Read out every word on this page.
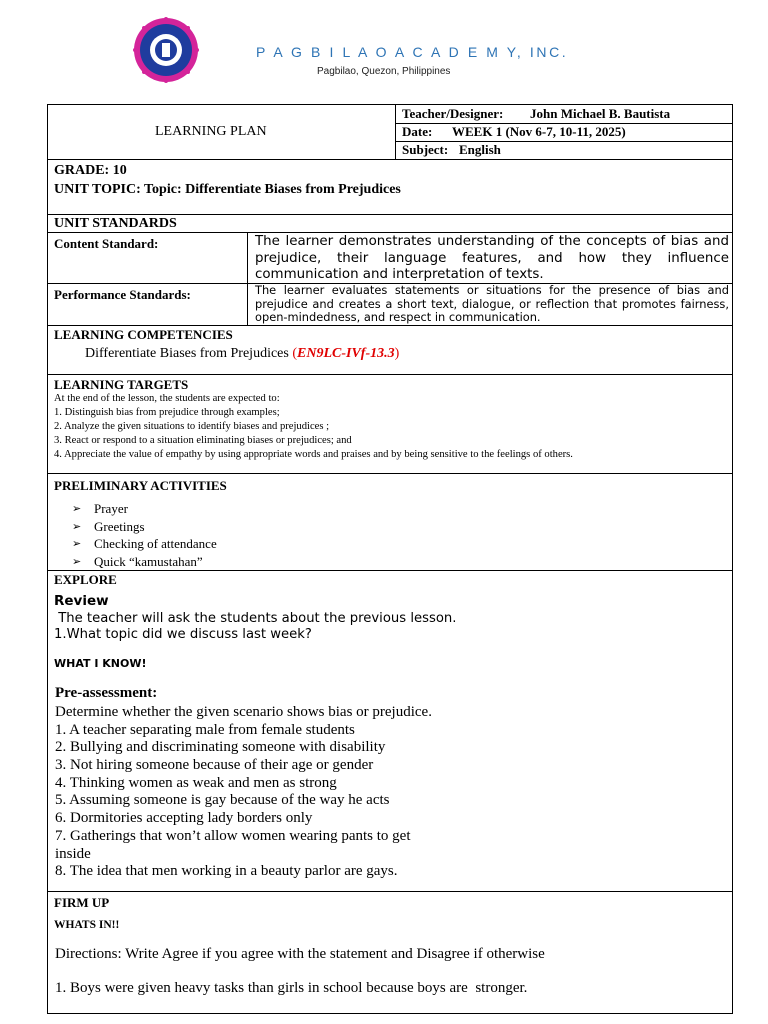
P A G B I L A O A C A D E M Y, INC.
Pagbilao, Quezon, Philippines
LEARNING PLAN
Teacher/Designer: John Michael B. Bautista
Date: WEEK 1 (Nov 6-7, 10-11, 2025)
Subject: English
GRADE: 10
UNIT TOPIC: Topic: Differentiate Biases from Prejudices
UNIT STANDARDS
Content Standard:	The learner demonstrates understanding of the concepts of bias and prejudice, their language features, and how they influence communication and interpretation of texts.
Performance Standards:	The learner evaluates statements or situations for the presence of bias and prejudice and creates a short text, dialogue, or reflection that promotes fairness, open-mindedness, and respect in communication.
LEARNING COMPETENCIES
Differentiate Biases from Prejudices (EN9LC-IVf-13.3)
LEARNING TARGETS
At the end of the lesson, the students are expected to:
1. Distinguish bias from prejudice through examples;
2. Analyze the given situations to identify biases and prejudices ;
3. React or respond to a situation eliminating biases or prejudices; and
4. Appreciate the value of empathy by using appropriate words and praises and by being sensitive to the feelings of others.
PRELIMINARY ACTIVITIES
➢ Prayer
➢ Greetings
➢ Checking of attendance
➢ Quick “kamustahan”
EXPLORE
Review
The teacher will ask the students about the previous lesson.
1.What topic did we discuss last week?
WHAT I KNOW!
Pre-assessment:
Determine whether the given scenario shows bias or prejudice.
1. A teacher separating male from female students
2. Bullying and discriminating someone with disability
3. Not hiring someone because of their age or gender
4. Thinking women as weak and men as strong
5. Assuming someone is gay because of the way he acts
6. Dormitories accepting lady borders only
7. Gatherings that won’t allow women wearing pants to get
inside
8. The idea that men working in a beauty parlor are gays.
FIRM UP
WHATS IN!!
Directions: Write Agree if you agree with the statement and Disagree if otherwise
1. Boys were given heavy tasks than girls in school because boys are  stronger.
